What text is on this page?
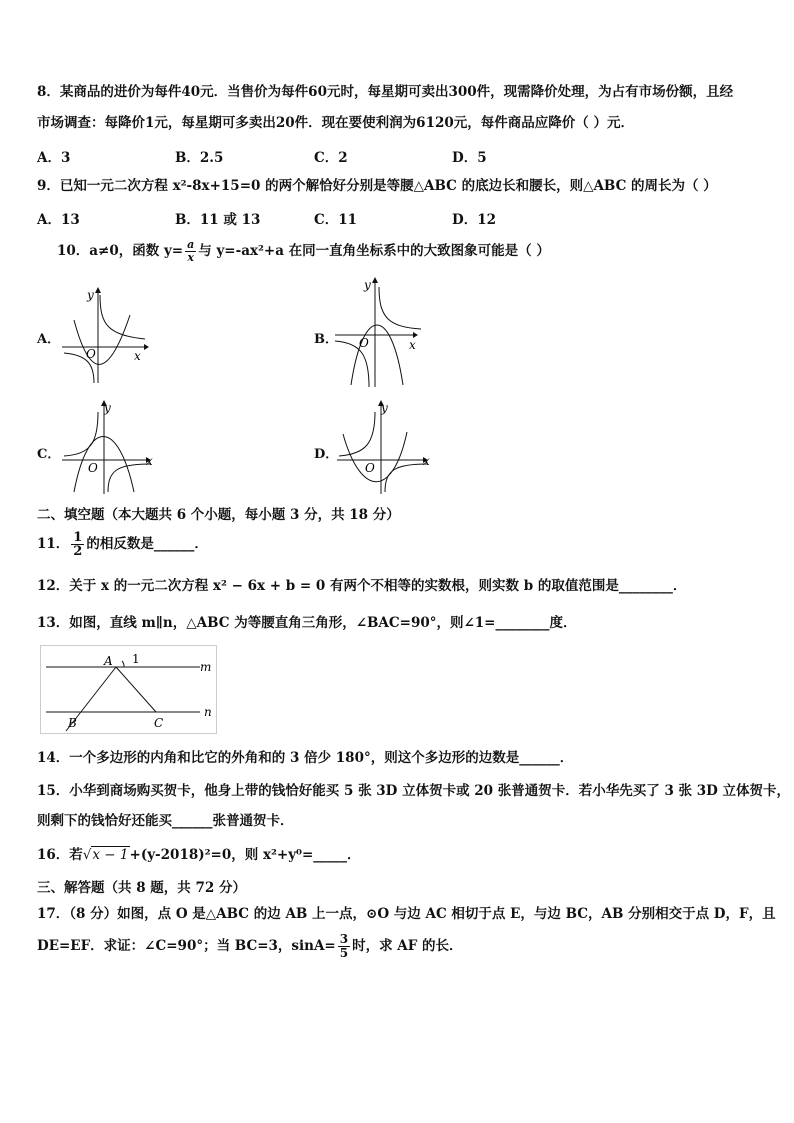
8．某商品的进价为每件40元．当售价为每件60元时，每星期可卖出300件，现需降价处理，为占有市场份额，且经
市场调查：每降价1元，每星期可多卖出20件．现在要使利润为6120元，每件商品应降价（ ）元．
A．3	B．2.5	C．2	D．5
9．已知一元二次方程 x²-8x+15=0 的两个解恰好分别是等腰△ABC 的底边长和腰长，则△ABC 的周长为（ ）
A．13	B．11 或 13	C．11	D．12
10．a≠0，函数 $y= \frac{a}{x}$ 与 y=-ax²+a 在同一直角坐标系中的大致图象可能是（ ）
A．
y
x
O
B．
y
x
O
C．
y
x
O
D．
y
x
O
二、填空题（本大题共 6 个小题，每小题 3 分，共 18 分）
11． $\frac{1}{2}$ 的相反数是______．
12．关于 x 的一元二次方程 x² − 6x + b = 0 有两个不相等的实数根，则实数 b 的取值范围是________．
13．如图，直线 m∥n，△ABC 为等腰直角三角形，∠BAC=90°，则∠1=________度．
A 1
m
B	C
n
14．一个多边形的内角和比它的外角和的 3 倍少 180°，则这个多边形的边数是______．
15．小华到商场购买贺卡，他身上带的钱恰好能买 5 张 3D 立体贺卡或 20 张普通贺卡．若小华先买了 3 张 3D 立体贺卡，
则剩下的钱恰好还能买______张普通贺卡．
16．若√x − 1+(y-2018)²=0，则 x²+y⁰=_____．
三、解答题（共 8 题，共 72 分）
17．（8 分）如图，点 O 是△ABC 的边 AB 上一点，⊙O 与边 AC 相切于点 E，与边 BC，AB 分别相交于点 D，F，且
DE=EF．求证：∠C=90°；当 BC=3，$\sin A= \frac{3}{5}$ 时，求 AF 的长．
